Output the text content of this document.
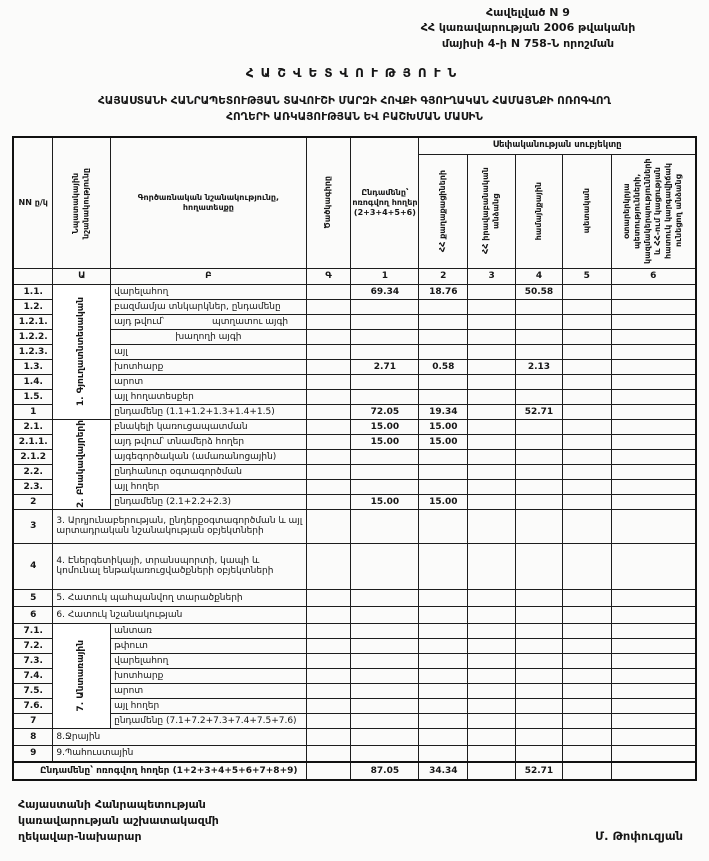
Հավելված N 9
ՀՀ կառավարության 2006 թվականի
մայիսի 4-ի N 758-Ն որոշման
ՀԱՇՎԵՏՎՈՒԹՅՈՒՆ
ՀԱՅԱՍՏԱՆԻ ՀԱՆՐԱՊԵՏՈՒԹՅԱՆ ՏԱՎՈՒՇԻ ՄԱՐԶԻ ՀՈՎՔԻ ԳՅՈՒՂԱԿԱՆ ՀԱՄԱՅՆՔԻ ՈՌՈԳՎՈՂ
ՀՈՂԵՐԻ ԱՌԿԱՅՈՒԹՅԱՆ ԵՎ ԲԱՇԽՄԱՆ ՄԱՍԻՆ
NN ը/կ	Նպատակային նշանակությունը	Գործառնական նշանակությունը, հողատեսքը	Ծածկագիրը	Ընդամենը՝ ոռոգվող հողեր (2+3+4+5+6)	Սեփականության սուբյեկտը				

					ՀՀ քաղաքացիների	ՀՀ իրավաբանական անձանց	համայնքային	պետական	օտարերկրյա պետությունների, կազմակերպությունների և ՀՀ-ում կացության հատուկ կարգավիճակ ունեցող անձանց

	Ա	Բ	Գ	1	2	3	4	5	6
1.1.	1. Գյուղատնտեսական	վարելահող		69.34	18.76		50.58		
1.2.		բազմամյա տնկարկներ, ընդամենը							
1.2.1.		այդ թվում՝ պտղատու այգի							
1.2.2.		խաղողի այգի							
1.2.3.		այլ							
1.3.		խոտհարք		2.71	0.58		2.13		
1.4.		արոտ							
1.5.		այլ հողատեսքեր							
1		ընդամենը (1.1+1.2+1.3+1.4+1.5)		72.05	19.34		52.71		
2.1.	2. Բնակավայրերի	բնակելի կառուցապատման		15.00	15.00				
2.1.1.		այդ թվում՝ տնամերձ հողեր		15.00	15.00				
2.1.2		այգեգործական (ամառանոցային)							
2.2.		ընդհանուր օգտագործման							
2.3.		այլ հողեր							
2		ընդամենը (2.1+2.2+2.3)		15.00	15.00				
3	3. Արդյունաբերության, ընդերքօգտագործման և այլ արտադրական նշանակության օբյեկտների								
4	4. Էներգետիկայի, տրանսպորտի, կապի և կոմունալ ենթակառուցվածքների օբյեկտների								
5	5. Հատուկ պահպանվող տարածքների								
6	6. Հատուկ նշանակության								
7.1.	7. Անտառային	անտառ							
7.2.		թփուտ							
7.3.		վարելահող							
7.4.		խոտհարք							
7.5.		արոտ							
7.6.		այլ հողեր							
7		ընդամենը (7.1+7.2+7.3+7.4+7.5+7.6)							
8	8.Ջրային								
9	9.Պահուստային								
Ընդամենը՝ ոռոգվող հողեր (1+2+3+4+5+6+7+8+9)				87.05	34.34		52.71		
Հայաստանի Հանրապետության
կառավարության աշխատակազմի
ղեկավար-նախարար	Մ. Թոփուզյան
